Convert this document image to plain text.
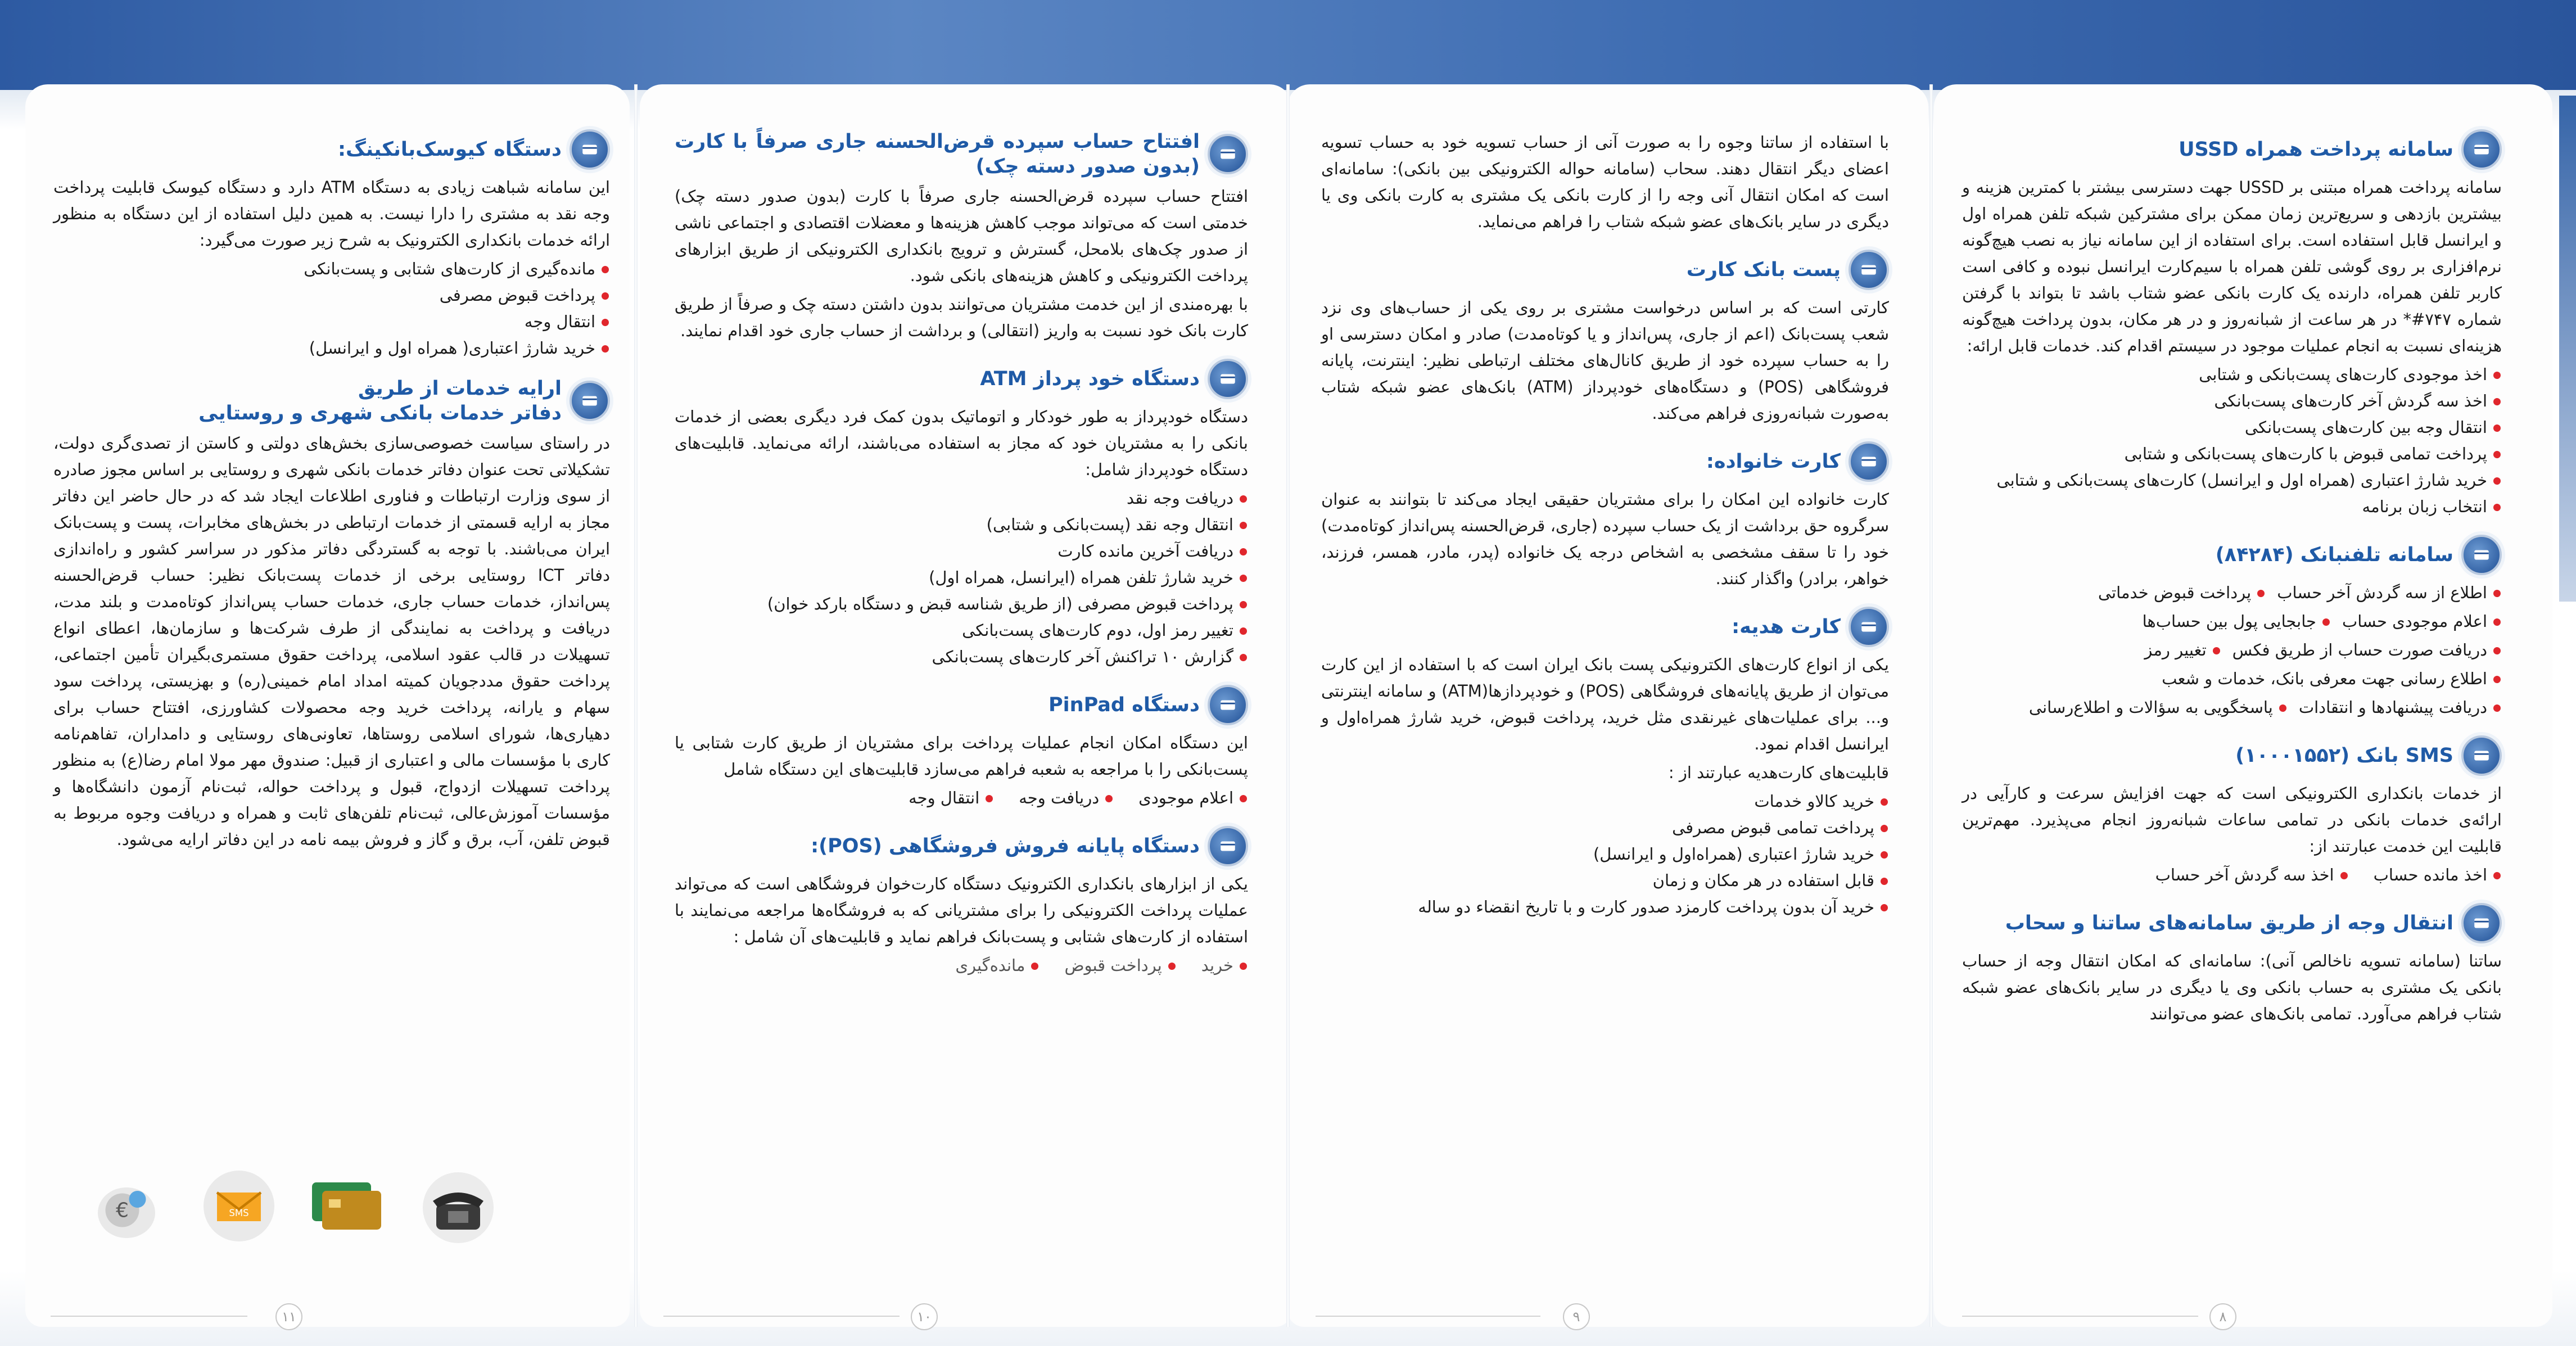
دستگاه کیوسک‌بانکینگ:

این سامانه شباهت زیادی به دستگاه ATM دارد و دستگاه کیوسک قابلیت پرداخت وجه نقد به مشتری را دارا نیست. به همین دلیل استفاده از این دستگاه به منظور ارائه خدمات بانکداری الکترونیک به شرح زیر صورت می‌گیرد:

مانده‌گیری از کارت‌های شتابی و پست‌بانکی
پرداخت قبوض مصرفی
انتقال وجه
خرید شارژ اعتباری( همراه اول و ایرانسل)
ارایه خدمات از طریق
دفاتر خدمات بانکی شهری و روستایی

در راستای سیاست خصوصی‌سازی بخش‌های دولتی و کاستن از تصدی‌گری دولت، تشکیلاتی تحت عنوان دفاتر خدمات بانکی شهری و روستایی بر اساس مجوز صادره از سوی وزارت ارتباطات و فناوری اطلاعات ایجاد شد که در حال حاضر این دفاتر مجاز به ارایه قسمتی از خدمات ارتباطی در بخش‌های مخابرات، پست و پست‌بانک ایران می‌باشند. با توجه به گستردگی دفاتر مذکور در سراسر کشور و راه‌اندازی دفاتر ICT روستایی برخی از خدمات پست‌بانک نظیر: حساب قرض‌الحسنه پس‌انداز، خدمات حساب جاری، خدمات حساب پس‌انداز کوتاه‌مدت و بلند مدت، دریافت و پرداخت به نمایندگی از طرف شرکت‌ها و سازمان‌ها، اعطای انواع تسهیلات در قالب عقود اسلامی، پرداخت حقوق مستمری‌بگیران تأمین اجتماعی، پرداخت حقوق مددجویان کمیته امداد امام خمینی(ره) و بهزیستی، پرداخت سود سهام و یارانه، پرداخت خرید وجه محصولات کشاورزی، افتتاح حساب برای دهیاری‌ها، شورای اسلامی روستاها، تعاونی‌های روستایی و دامداران، تفاهم‌نامه کاری با مؤسسات مالی و اعتباری از قبیل: صندوق مهر مولا امام رضا(ع) به منظور پرداخت تسهیلات ازدواج، قبول و پرداخت حواله، ثبت‌نام آزمون دانشگاه‌ها و مؤسسات آموزش‌عالی، ثبت‌نام تلفن‌های ثابت و همراه و دریافت وجوه مربوط به قبوض تلفن، آب، برق و گاز و فروش بیمه نامه در این دفاتر ارایه می‌شود.

€	SMS
افتتاح حساب سپرده قرض‌الحسنه جاری صرفاً با کارت (بدون صدور دسته چک)

افتتاح حساب سپرده قرض‌الحسنه جاری صرفاً با کارت (بدون صدور دسته چک) خدمتی است که می‌تواند موجب کاهش هزینه‌ها و معضلات اقتصادی و اجتماعی ناشی از صدور چک‌های بلامحل، گسترش و ترویج بانکداری الکترونیکی از طریق ابزارهای پرداخت الکترونیکی و کاهش هزینه‌های بانکی شود.

با بهره‌مندی از این خدمت مشتریان می‌توانند بدون داشتن دسته چک و صرفاً از طریق کارت بانک خود نسبت به واریز (انتقالی) و برداشت از حساب جاری خود اقدام نمایند.

دستگاه خود پرداز ATM

دستگاه خودپرداز به طور خودکار و اتوماتیک بدون کمک فرد دیگری بعضی از خدمات بانکی را به مشتریان خود که مجاز به استفاده می‌باشند، ارائه می‌نماید. قابلیت‌های دستگاه خودپرداز شامل:

دریافت وجه نقد
انتقال وجه نقد (پست‌بانکی و شتابی)
دریافت آخرین مانده کارت
خرید شارژ تلفن همراه (ایرانسل، همراه اول)
پرداخت قبوض مصرفی (از طریق شناسه قبض و دستگاه بارکد خوان)
تغییر رمز اول، دوم کارت‌های پست‌بانکی
گزارش ۱۰ تراکنش آخر کارت‌های پست‌بانکی
دستگاه PinPad

این دستگاه امکان انجام عملیات پرداخت برای مشتریان از طریق کارت شتابی یا پست‌بانکی را با مراجعه به شعبه فراهم می‌سازد قابلیت‌های این دستگاه شامل

اعلام موجودی
دریافت وجه
انتقال وجه
دستگاه پایانه فروش فروشگاهی (POS):

یکی از ابزارهای بانکداری الکترونیک دستگاه کارت‌خوان فروشگاهی است که می‌تواند عملیات پرداخت الکترونیکی را برای مشتریانی که به فروشگاه‌ها مراجعه می‌نمایند با استفاده از کارت‌های شتابی و پست‌بانک فراهم نماید و قابلیت‌های آن شامل :

خرید
پرداخت قبوض
مانده‌گیری

با استفاده از ساتنا وجوه را به صورت آنی از حساب تسویه خود به حساب تسویه اعضای دیگر انتقال دهند. سحاب (سامانه حواله الکترونیکی بین بانکی): سامانه‌ای است که امکان انتقال آنی وجه را از کارت بانکی یک مشتری به کارت بانکی وی یا دیگری در سایر بانک‌های عضو شبکه شتاب را فراهم می‌نماید.

پست بانک کارت

کارتی است که بر اساس درخواست مشتری بر روی یکی از حساب‌های وی نزد شعب پست‌بانک (اعم از جاری، پس‌انداز و یا کوتاه‌مدت) صادر و امکان دسترسی او را به حساب سپرده خود از طریق کانال‌های مختلف ارتباطی نظیر: اینترنت، پایانه فروشگاهی (POS) و دستگاه‌های خودپرداز (ATM) بانک‌های عضو شبکه شتاب به‌صورت شبانه‌روزی فراهم می‌کند.

کارت خانواده:

کارت خانواده این امکان را برای مشتریان حقیقی ایجاد می‌کند تا بتوانند به عنوان سرگروه حق برداشت از یک حساب سپرده (جاری، قرض‌الحسنه پس‌انداز کوتاه‌مدت) خود را تا سقف مشخصی به اشخاص درجه یک خانواده (پدر، مادر، همسر، فرزند، خواهر، برادر) واگذار کنند.

کارت هدیه:

یکی از انواع کارت‌های الکترونیکی پست بانک ایران است که با استفاده از این کارت می‌توان از طریق پایانه‌های فروشگاهی (POS) و خودپردازها(ATM) و سامانه اینترنتی و... برای عملیات‌های غیرنقدی مثل خرید، پرداخت قبوض، خرید شارژ همراه‌اول و ایرانسل اقدام نمود.

قابلیت‌های کارت‌هدیه عبارتند از :

خرید کالاو خدمات
پرداخت تمامی قبوض مصرفی
خرید شارژ اعتباری (همراه‌اول و ایرانسل)
قابل استفاده در هر مکان و زمان
خرید آن بدون پرداخت کارمزد صدور کارت و با تاریخ انقضاء دو ساله
سامانه پرداخت همراه USSD

سامانه پرداخت همراه مبتنی بر USSD جهت دسترسی بیشتر با کمترین هزینه و بیشترین بازدهی و سریع‌ترین زمان ممکن برای مشترکین شبکه تلفن همراه اول و ایرانسل قابل استفاده است. برای استفاده از این سامانه نیاز به نصب هیچ‌گونه نرم‌افزاری بر روی گوشی تلفن همراه با سیم‌کارت ایرانسل نبوده و کافی است کاربر تلفن همراه، دارنده یک کارت بانکی عضو شتاب باشد تا بتواند با گرفتن شماره ۷۴۷#* در هر ساعت از شبانه‌روز و در هر مکان، بدون پرداخت هیچ‌گونه هزینه‌ای نسبت به انجام عملیات موجود در سیستم اقدام کند. خدمات قابل ارائه:

اخذ موجودی کارت‌های پست‌بانکی و شتابی
اخذ سه گردش آخر کارت‌های پست‌بانکی
انتقال وجه بین کارت‌های پست‌بانکی
پرداخت تمامی قبوض با کارت‌های پست‌بانکی و شتابی
خرید شارژ اعتباری (همراه اول و ایرانسل) کارت‌های پست‌بانکی و شتابی
انتخاب زبان برنامه
سامانه تلفنبانک (۸۴۲۸۴)
اطلاع از سه گردش آخر حساب
پرداخت قبوض خدماتی
اعلام موجودی حساب
جابجایی پول بین حساب‌ها
دریافت صورت حساب از طریق فکس
تغییر رمز
اطلاع رسانی جهت معرفی بانک، خدمات و شعب
دریافت پیشنهادها و انتقادات
پاسخگویی به سؤالات و اطلاع‌رسانی
SMS بانک (۱۰۰۰۱۵۵۲)

از خدمات بانکداری الکترونیکی است که جهت افزایش سرعت و کارآیی در ارائه‌ی خدمات بانکی در تمامی ساعات شبانه‌روز انجام می‌پذیرد. مهم‌ترین قابلیت این خدمت عبارتند از:

اخذ مانده حساب
اخذ سه گردش آخر حساب
انتقال وجه از طریق سامانه‌های ساتنا و سحاب

ساتنا (سامانه تسویه ناخالص آنی): سامانه‌ای که امکان انتقال وجه از حساب بانکی یک مشتری به حساب بانکی وی یا دیگری در سایر بانک‌های عضو شبکه شتاب فراهم می‌آورد. تمامی بانک‌های عضو می‌توانند

۱۱	۱۰	۹	۸
